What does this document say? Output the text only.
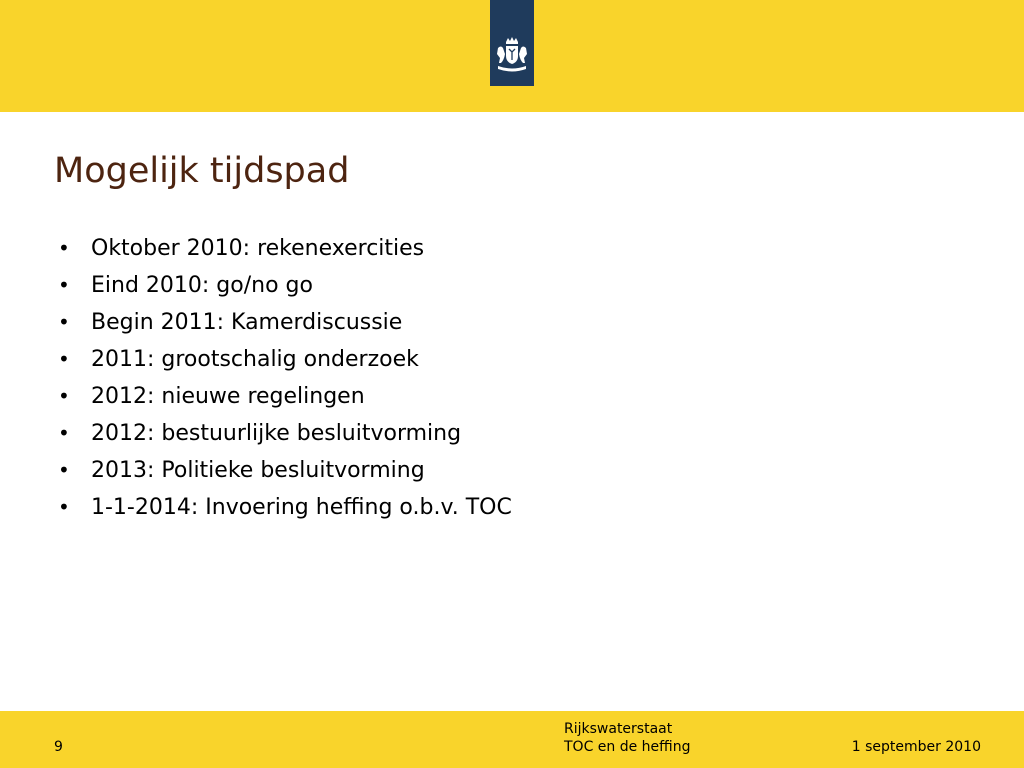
Mogelijk tijdspad
• Oktober 2010: rekenexercities
• Eind 2010: go/no go
• Begin 2011: Kamerdiscussie
• 2011: grootschalig onderzoek
• 2012: nieuwe regelingen
• 2012: bestuurlijke besluitvorming
• 2013: Politieke besluitvorming
• 1-1-2014: Invoering heffing o.b.v. TOC
9
Rijkswaterstaat
TOC en de heffing	1 september 2010
